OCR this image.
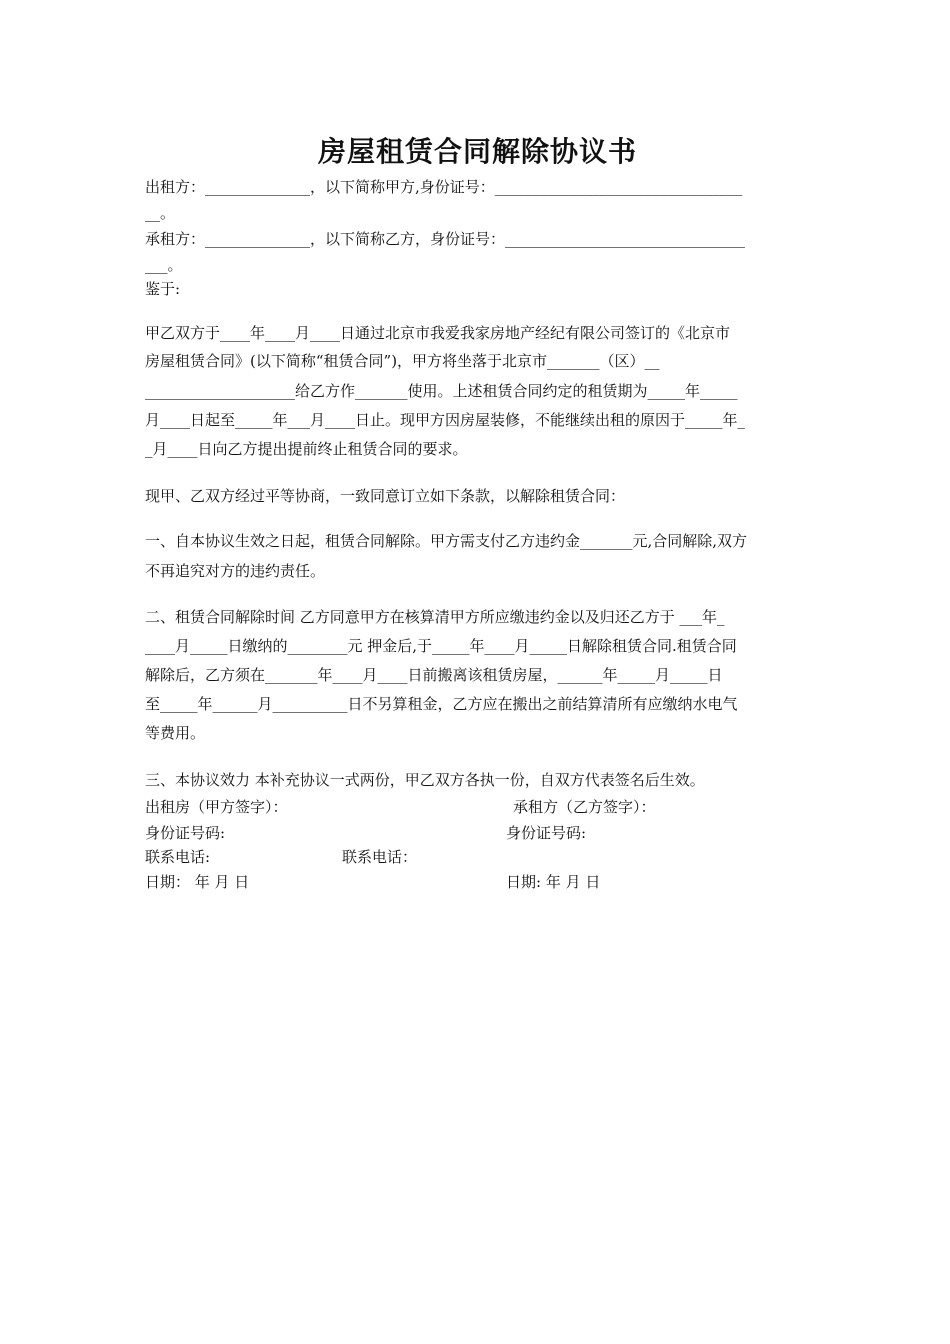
房屋租赁合同解除协议书
出租方：______________，以下简称甲方,身份证号：_________________________________
__。
承租方：______________，以下简称乙方，身份证号：________________________________
___。
鉴于:
甲乙双方于____年____月____日通过北京市我爱我家房地产经纪有限公司签订的《北京市
房屋租赁合同》(以下简称“租赁合同”)，甲方将坐落于北京市_______（区）__
____________________给乙方作_______使用。上述租赁合同约定的租赁期为_____年_____
月____日起至_____年___月____日止。现甲方因房屋装修，不能继续出租的原因于_____年_
_月____日向乙方提出提前终止租赁合同的要求。
现甲、乙双方经过平等协商，一致同意订立如下条款，以解除租赁合同：
一、自本协议生效之日起，租赁合同解除。甲方需支付乙方违约金_______元,合同解除,双方
不再追究对方的违约责任。
二、租赁合同解除时间 乙方同意甲方在核算清甲方所应缴违约金以及归还乙方于 ___年_
____月_____日缴纳的________元 押金后,于_____年____月_____日解除租赁合同.租赁合同
解除后，乙方须在_______年____月____日前搬离该租赁房屋，______年_____月_____日
至_____年______月__________日不另算租金，乙方应在搬出之前结算清所有应缴纳水电气
等费用。
三、本协议效力 本补充协议一式两份，甲乙双方各执一份，自双方代表签名后生效。
出租房（甲方签字）：	承租方（乙方签字）：
身份证号码:	身份证号码:
联系电话:	联系电话：
日期： 年 月 日	日期: 年 月 日
